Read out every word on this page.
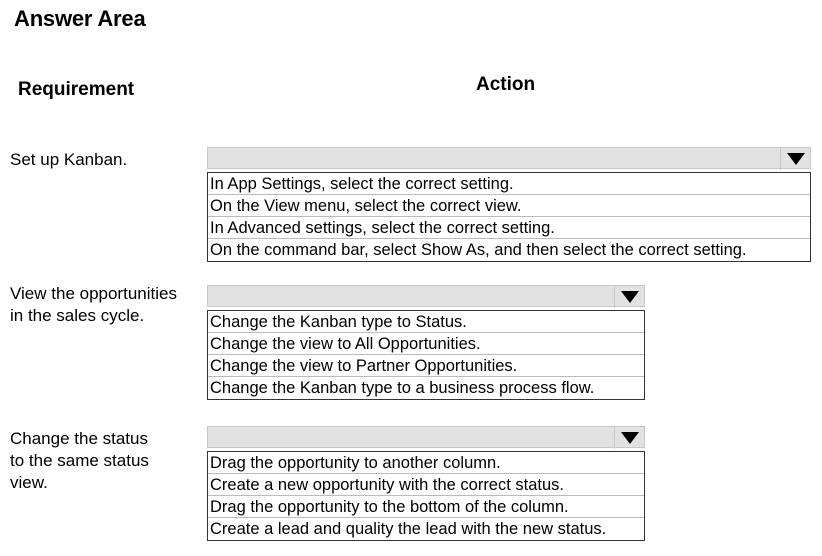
Answer Area
Requirement	Action
Set up Kanban.
In App Settings, select the correct setting.
On the View menu, select the correct view.
In Advanced settings, select the correct setting.
On the command bar, select Show As, and then select the correct setting.
View the opportunities
in the sales cycle.	Change the Kanban type to Status.
Change the view to All Opportunities.
Change the view to Partner Opportunities.
Change the Kanban type to a business process flow.
Change the status
to the same status
view.
Drag the opportunity to another column.
Create a new opportunity with the correct status.
Drag the opportunity to the bottom of the column.
Create a lead and quality the lead with the new status.
